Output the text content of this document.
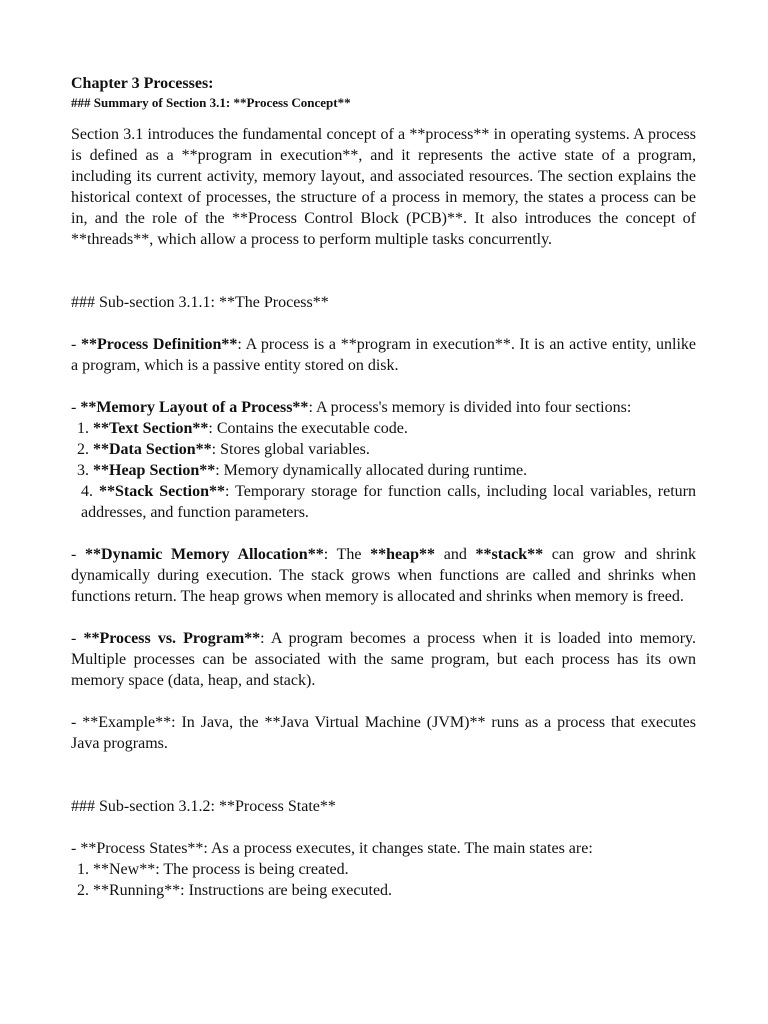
Chapter 3 Processes:
### Summary of Section 3.1: **Process Concept**

Section 3.1 introduces the fundamental concept of a **process** in operating systems. A process is defined as a **program in execution**, and it represents the active state of a program, including its current activity, memory layout, and associated resources. The section explains the historical context of processes, the structure of a process in memory, the states a process can be in, and the role of the **Process Control Block (PCB)**. It also introduces the concept of **threads**, which allow a process to perform multiple tasks concurrently.

### Sub-section 3.1.1: **The Process**

- **Process Definition**: A process is a **program in execution**. It is an active entity, unlike a program, which is a passive entity stored on disk.

- **Memory Layout of a Process**: A process's memory is divided into four sections:

1. **Text Section**: Contains the executable code.

2. **Data Section**: Stores global variables.

3. **Heap Section**: Memory dynamically allocated during runtime.

4. **Stack Section**: Temporary storage for function calls, including local variables, return addresses, and function parameters.

- **Dynamic Memory Allocation**: The **heap** and **stack** can grow and shrink dynamically during execution. The stack grows when functions are called and shrinks when functions return. The heap grows when memory is allocated and shrinks when memory is freed.

- **Process vs. Program**: A program becomes a process when it is loaded into memory. Multiple processes can be associated with the same program, but each process has its own memory space (data, heap, and stack).

- **Example**: In Java, the **Java Virtual Machine (JVM)** runs as a process that executes Java programs.

### Sub-section 3.1.2: **Process State**

- **Process States**: As a process executes, it changes state. The main states are:

1. **New**: The process is being created.

2. **Running**: Instructions are being executed.
